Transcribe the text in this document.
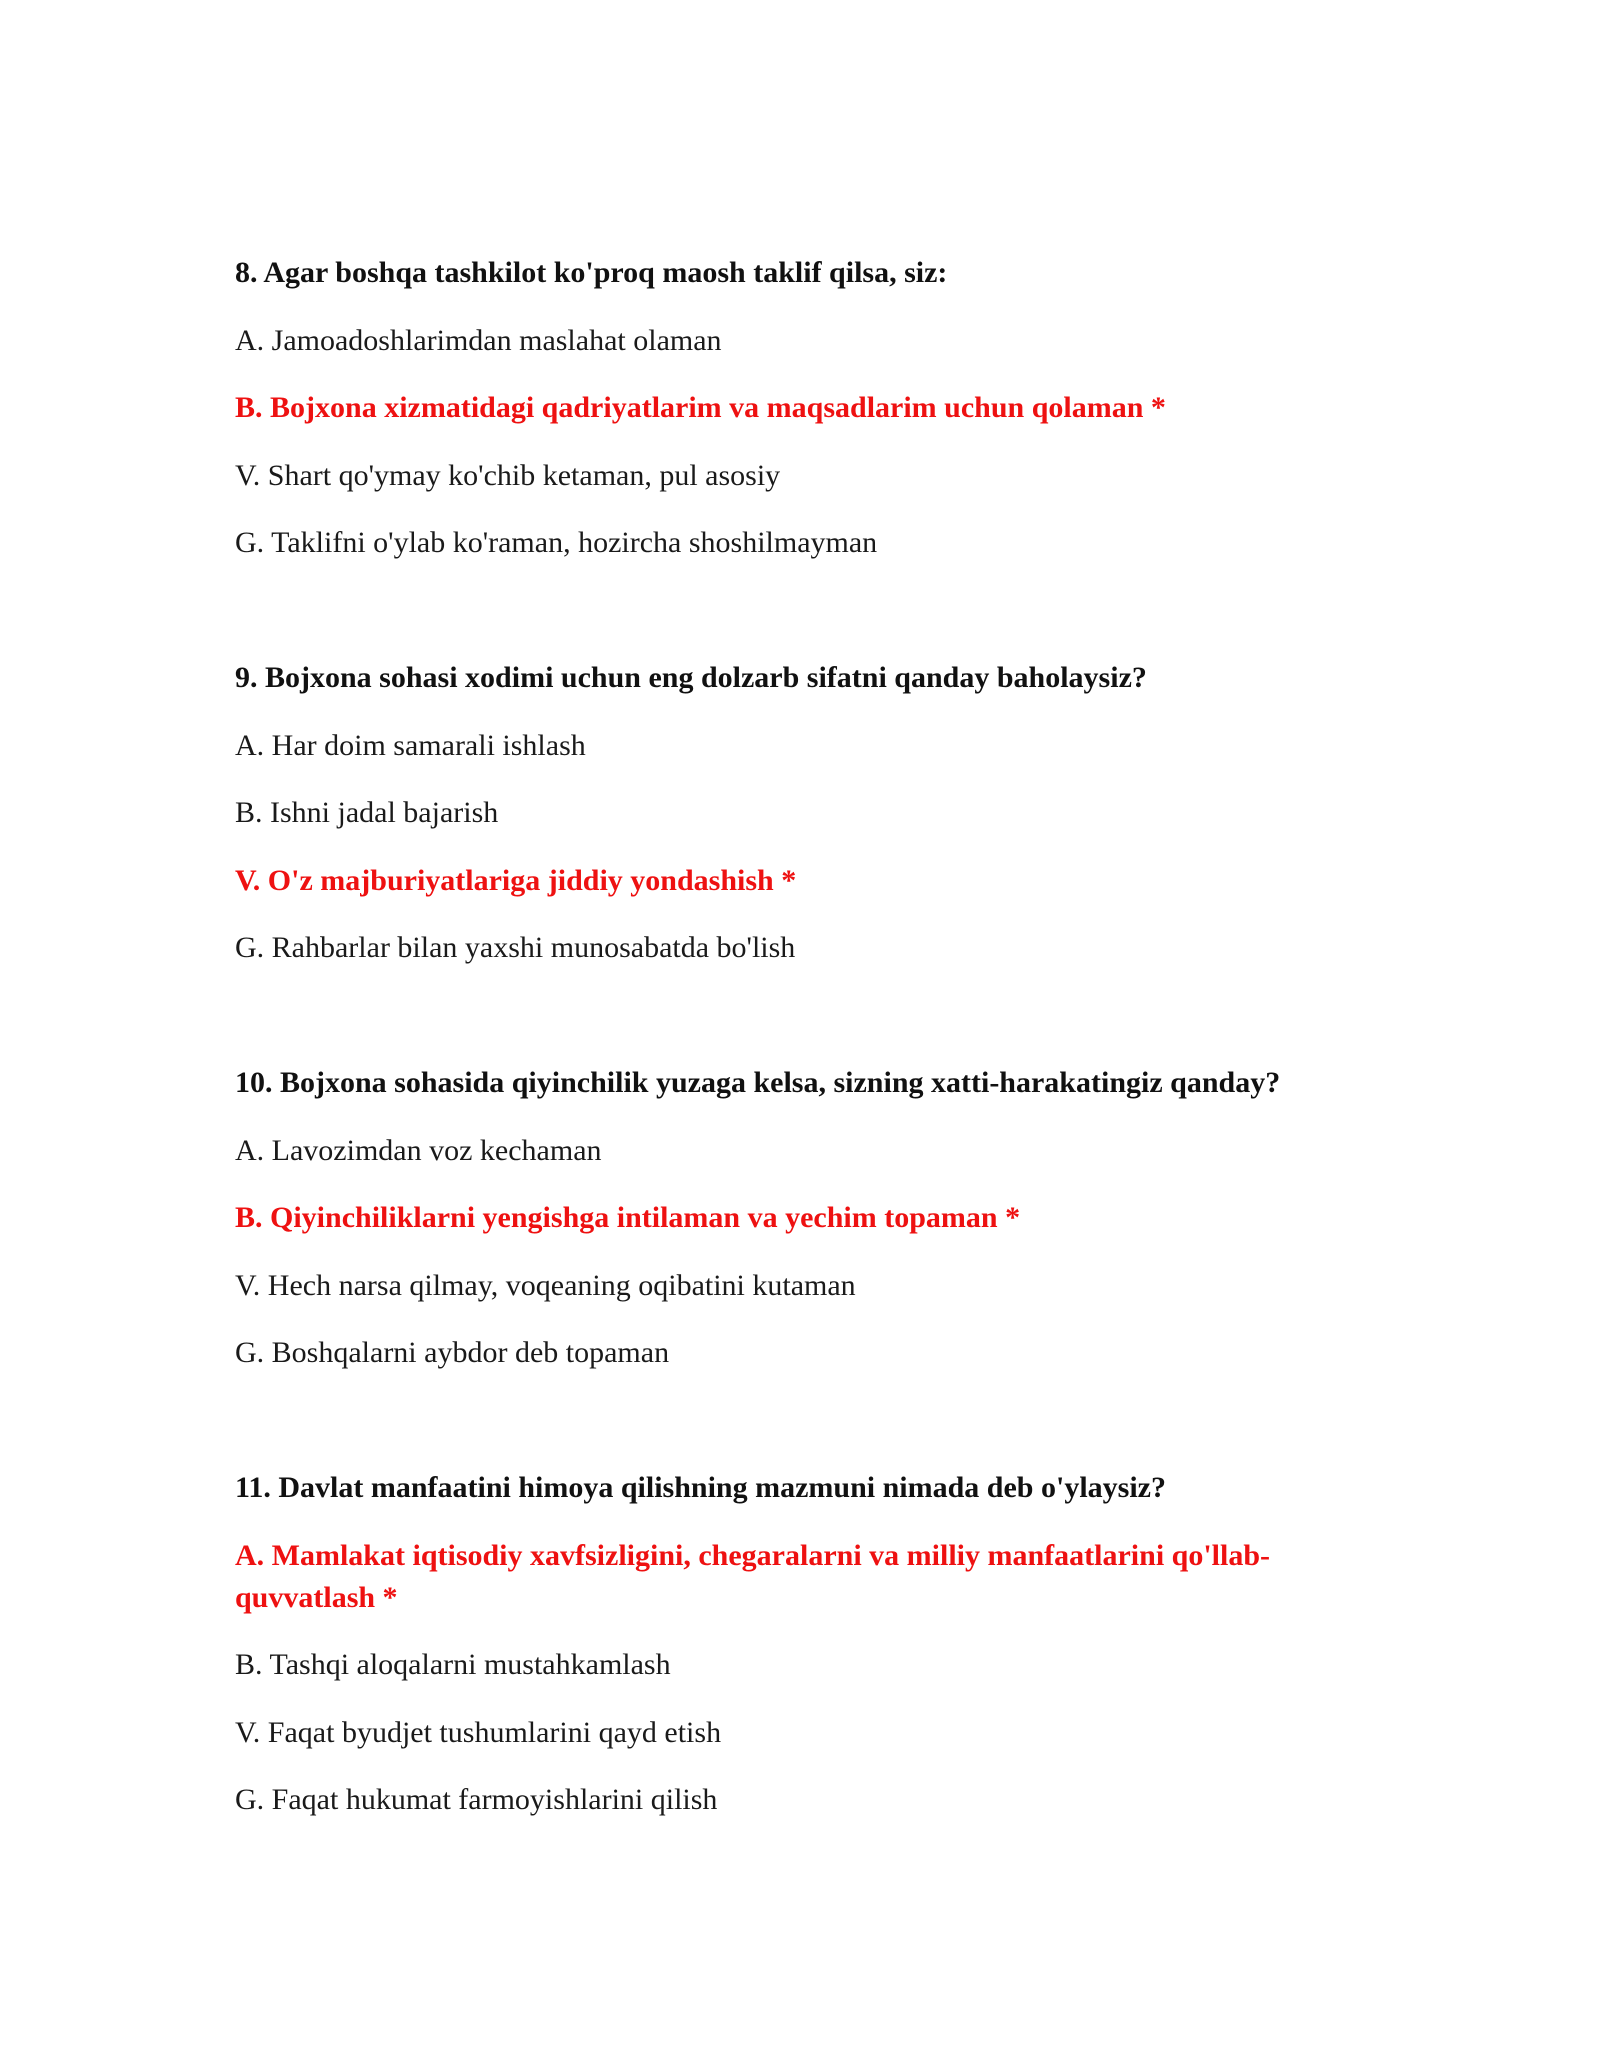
8. Agar boshqa tashkilot ko'proq maosh taklif qilsa, siz:

A. Jamoadoshlarimdan maslahat olaman

B. Bojxona xizmatidagi qadriyatlarim va maqsadlarim uchun qolaman *

V. Shart qo'ymay ko'chib ketaman, pul asosiy

G. Taklifni o'ylab ko'raman, hozircha shoshilmayman

9. Bojxona sohasi xodimi uchun eng dolzarb sifatni qanday baholaysiz?

A. Har doim samarali ishlash

B. Ishni jadal bajarish

V. O'z majburiyatlariga jiddiy yondashish *

G. Rahbarlar bilan yaxshi munosabatda bo'lish

10. Bojxona sohasida qiyinchilik yuzaga kelsa, sizning xatti-harakatingiz qanday?

A. Lavozimdan voz kechaman

B. Qiyinchiliklarni yengishga intilaman va yechim topaman *

V. Hech narsa qilmay, voqeaning oqibatini kutaman

G. Boshqalarni aybdor deb topaman

11. Davlat manfaatini himoya qilishning mazmuni nimada deb o'ylaysiz?

A. Mamlakat iqtisodiy xavfsizligini, chegaralarni va milliy manfaatlarini qo'llab-quvvatlash *

B. Tashqi aloqalarni mustahkamlash

V. Faqat byudjet tushumlarini qayd etish

G. Faqat hukumat farmoyishlarini qilish
